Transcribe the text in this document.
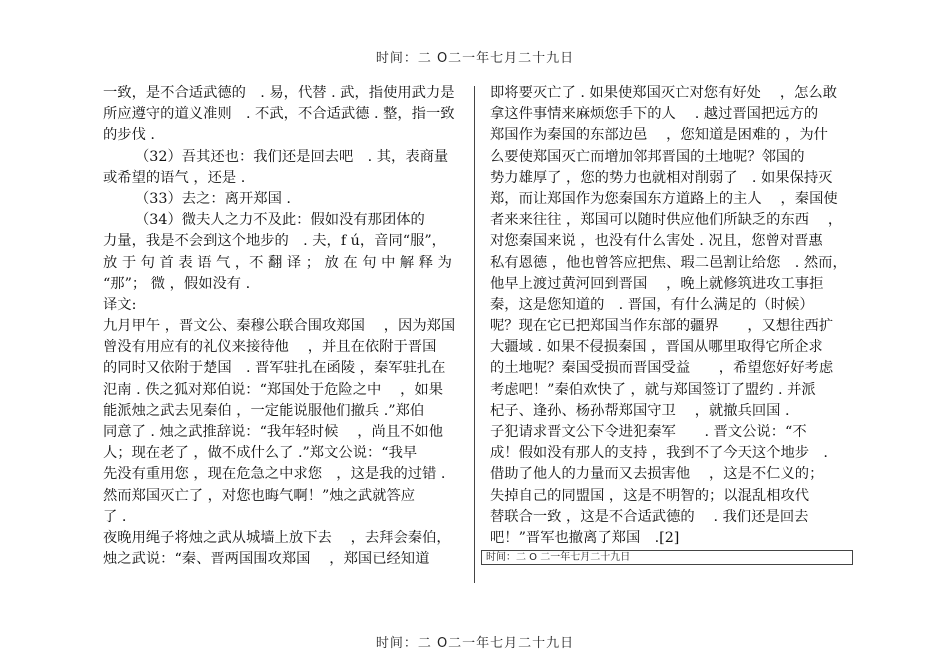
时间：二 O二一年七月二十九日
一致，是不合适武德的　. 易，代替 . 武，指使用武力是
所应遵守的道义准则　. 不武，不合适武德 . 整，指一致
的步伐 .
（32）吾其还也：我们还是回去吧　. 其，表商量
或希望的语气 ，还是 .
（33）去之：离开郑国 .
（34）微夫人之力不及此：假如没有那团体的
力量，我是不会到这个地步的　. 夫，f ú，音同“服”，
放 于 句 首 表 语 气 ，不 翻 译 ； 放 在 句 中 解 释 为
“那”； 微 ，假如没有 .
译文:
九月甲午 ，晋文公、秦穆公联合围攻郑国　 ，因为郑国
曾没有用应有的礼仪来接待他　 ，并且在依附于晋国
的同时又依附于楚国　. 晋军驻扎在函陵 ，秦军驻扎在
氾南 . 佚之狐对郑伯说：“郑国处于危险之中　 ，如果
能派烛之武去见秦伯 ，一定能说服他们撤兵 .”郑伯
同意了 . 烛之武推辞说：“我年轻时候　 ，尚且不如他
人；现在老了 ，做不成什么了 .”郑文公说：“我早
先没有重用您 ，现在危急之中求您　，这是我的过错 .
然而郑国灭亡了 ，对您也晦气啊！”烛之武就答应
了 .
夜晚用绳子将烛之武从城墙上放下去　 ，去拜会秦伯，
烛之武说：“秦、晋两国围攻郑国　 ，郑国已经知道
即将要灭亡了 . 如果使郑国灭亡对您有好处　 ，怎么敢
拿这件事情来麻烦您手下的人　 . 越过晋国把远方的
郑国作为秦国的东部边邑　 ，您知道是困难的 ，为什
么要使郑国灭亡而增加邻邦晋国的土地呢？邻国的
势力雄厚了 ，您的势力也就相对削弱了　. 如果保持灭
郑，而让郑国作为您秦国东方道路上的主人　 ，秦国使
者来来往往 ，郑国可以随时供应他们所缺乏的东西　 ，
对您秦国来说 ，也没有什么害处 . 况且，您曾对晋惠
私有恩德 ，他也曾答应把焦、瑕二邑割让给您　. 然而，
他早上渡过黄河回到晋国　 ，晚上就修筑进攻工事拒
秦，这是您知道的　. 晋国，有什么满足的（时候）
呢？现在它已把郑国当作东部的疆界　　，又想往西扩
大疆域 . 如果不侵损秦国 ，晋国从哪里取得它所企求
的土地呢？秦国受损而晋国受益　　，希望您好好考虑
考虑吧！”秦伯欢快了 ，就与郑国签订了盟约 . 并派
杞子、逢孙、杨孙帮郑国守卫　 ，就撤兵回国 .
子犯请求晋文公下令进犯秦军　　. 晋文公说：“不
成！假如没有那人的支持 ，我到不了今天这个地步　.
借助了他人的力量而又去损害他　 ，这是不仁义的；
失掉自己的同盟国 ，这是不明智的；以混乱相攻代
替联合一致 ，这是不合适武德的　 . 我们还是回去
吧！”晋军也撤离了郑国　.[2]
时间：二 O 二一年七月二十九日
时间：二 O二一年七月二十九日
